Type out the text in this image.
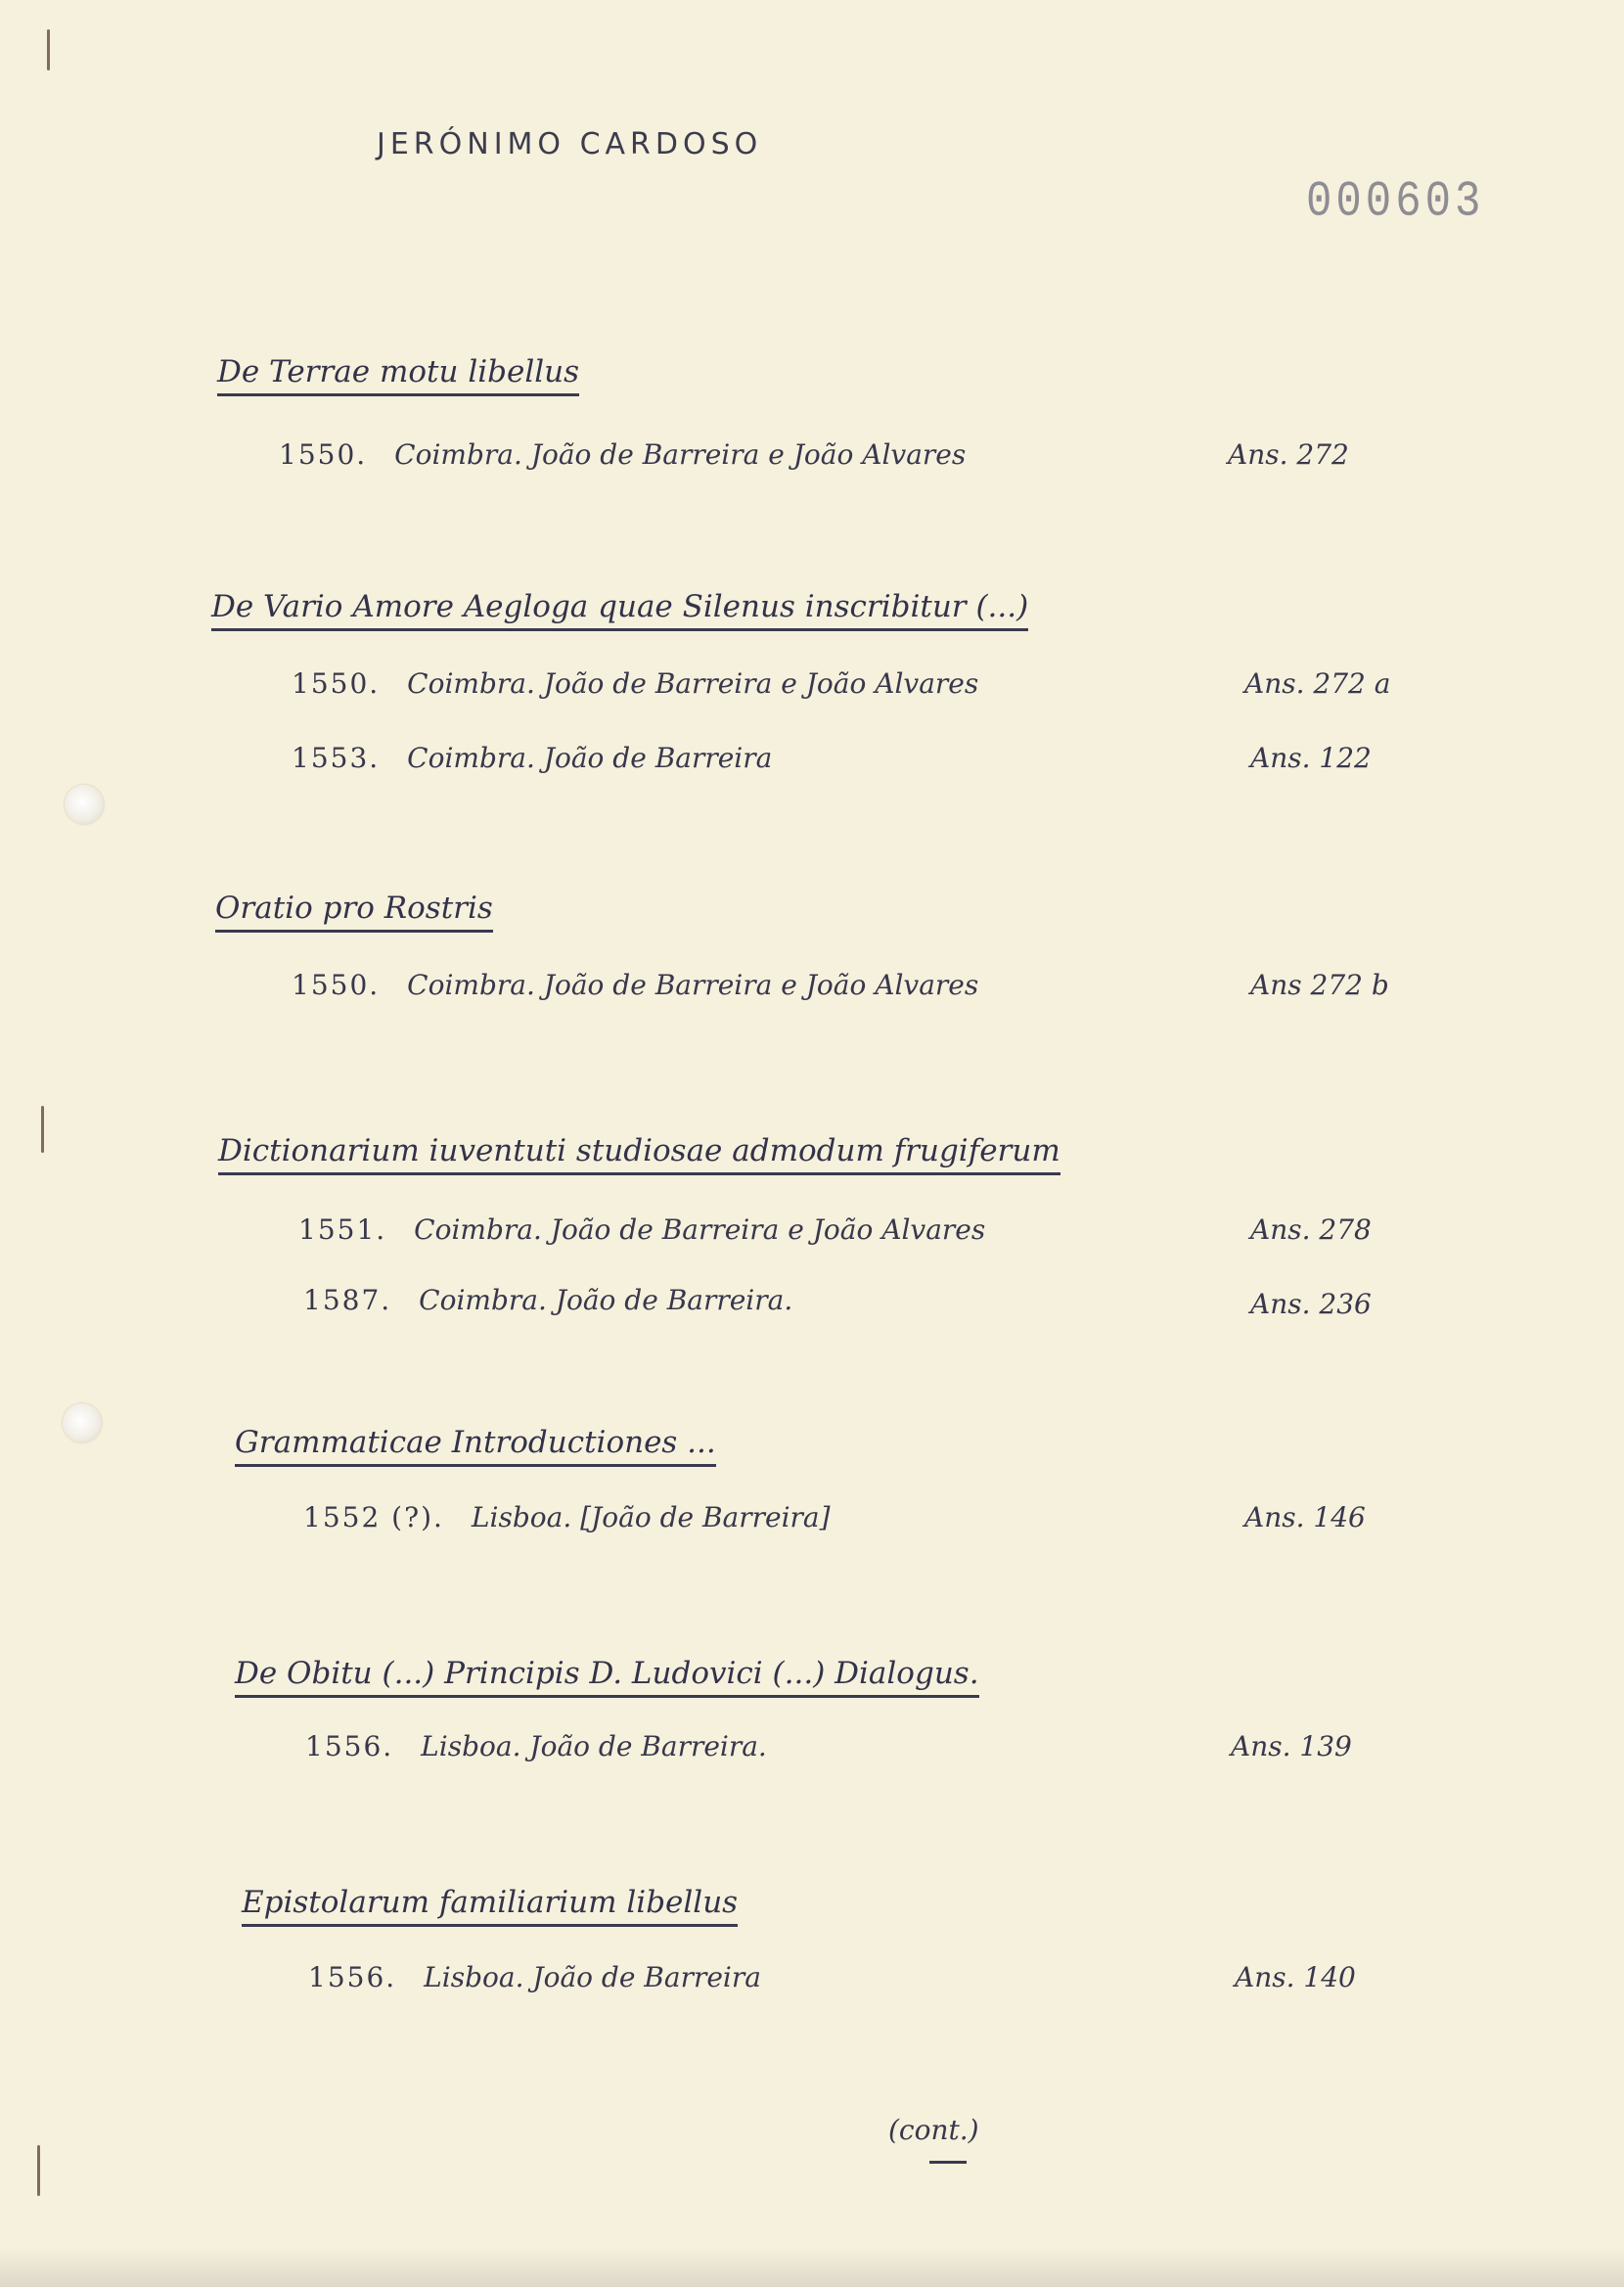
JERÓNIMO CARDOSO
000603
De Terrae motu libellus
1550. Coimbra. João de Barreira e João Alvares	Ans. 272
De Vario Amore Aegloga quae Silenus inscribitur (...)
1550. Coimbra. João de Barreira e João Alvares	Ans. 272 a
1553. Coimbra. João de Barreira	Ans. 122
Oratio pro Rostris
1550. Coimbra. João de Barreira e João Alvares	Ans 272 b
Dictionarium iuventuti studiosae admodum frugiferum
1551. Coimbra. João de Barreira e João Alvares	Ans. 278
1587. Coimbra. João de Barreira.	Ans. 236
Grammaticae Introductiones ...
1552 (?). Lisboa. [João de Barreira]	Ans. 146
De Obitu (...) Principis D. Ludovici (...) Dialogus.
1556. Lisboa. João de Barreira.	Ans. 139
Epistolarum familiarium libellus
1556. Lisboa. João de Barreira	Ans. 140
(cont.)
